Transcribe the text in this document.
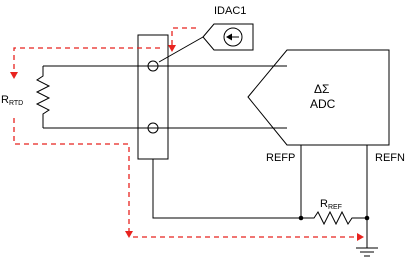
IDAC1
RRTD
ΔΣ
ADC
REFP	REFN
RREF
